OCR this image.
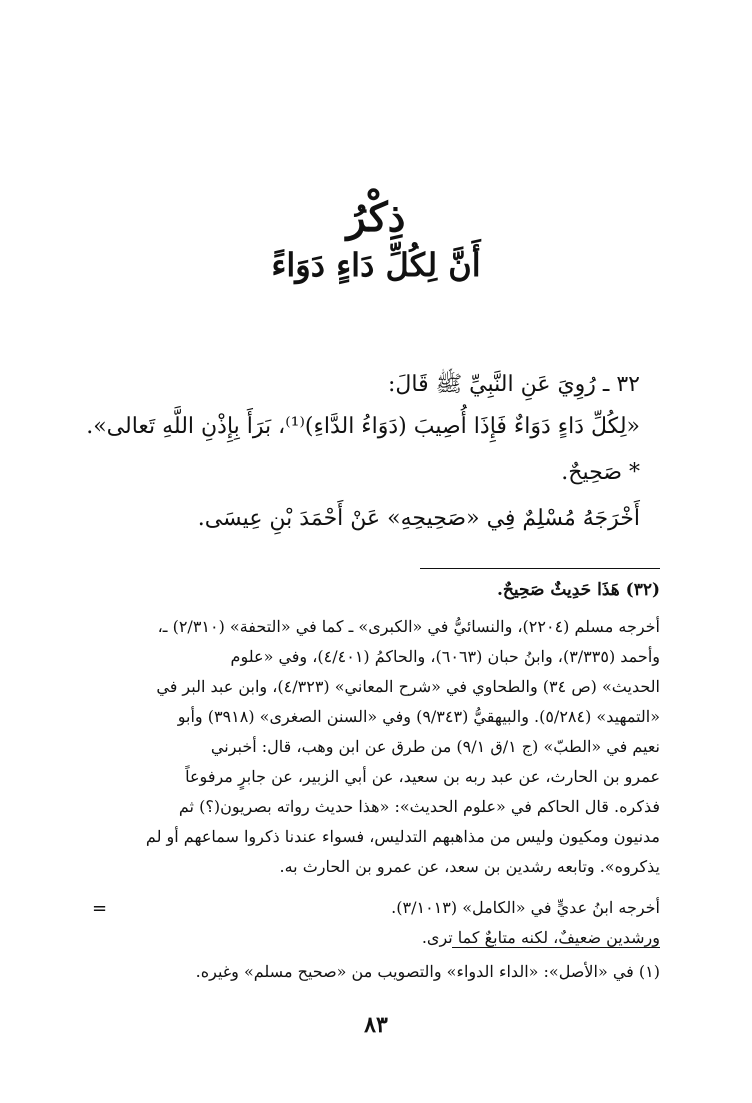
ذِكْرُ
أَنَّ لِكُلِّ دَاءٍ دَوَاءً
٣٢ ـ رُوِيَ عَنِ النَّبِيِّ ﷺ قَالَ:
«لِكُلِّ دَاءٍ دَوَاءٌ فَإِذَا أُصِيبَ (دَوَاءُ الدَّاءِ)⁽¹⁾، بَرَأَ بِإِذْنِ اللَّهِ تَعالى».
* صَحِيحٌ.
أَخْرَجَهُ مُسْلِمٌ فِي «صَحِيحِهِ» عَنْ أَحْمَدَ بْنِ عِيسَى.
(٣٢) هَذَا حَدِيثٌ صَحِيحٌ.
أخرجه مسلم (٢٢٠٤)، والنسائيُّ في «الكبرى» ـ كما في «التحفة» (٢/٣١٠) ـ،
وأحمد (٣/٣٣٥)، وابنُ حبان (٦٠٦٣)، والحاكمُ (٤/٤٠١)، وفي «علوم
الحديث» (ص ٣٤) والطحاوي في «شرح المعاني» (٤/٣٢٣)، وابن عبد البر في
«التمهيد» (٥/٢٨٤). والبيهقيُّ (٩/٣٤٣) وفي «السنن الصغرى» (٣٩١٨) وأبو
نعيم في «الطبّ» (ج ١/ق ٩/١) من طرق عن ابن وهب، قال: أخبرني
عمرو بن الحارث، عن عبد ربه بن سعيد، عن أبي الزبير، عن جابرٍ مرفوعاً
فذكره. قال الحاكم في «علوم الحديث»: «هذا حديث رواته بصريون(؟) ثم
مدنيون ومكيون وليس من مذاهبهم التدليس، فسواء عندنا ذكروا سماعهم أو لم
يذكروه». وتابعه رشدين بن سعد، عن عمرو بن الحارث به.
أخرجه ابنُ عديٍّ في «الكامل» (٣/١٠١٣).
ورشدين ضعيفٌ، لكنه متابعٌ كما ترى.
=
(١) في «الأصل»: «الداء الدواء» والتصويب من «صحيح مسلم» وغيره.
٨٣
